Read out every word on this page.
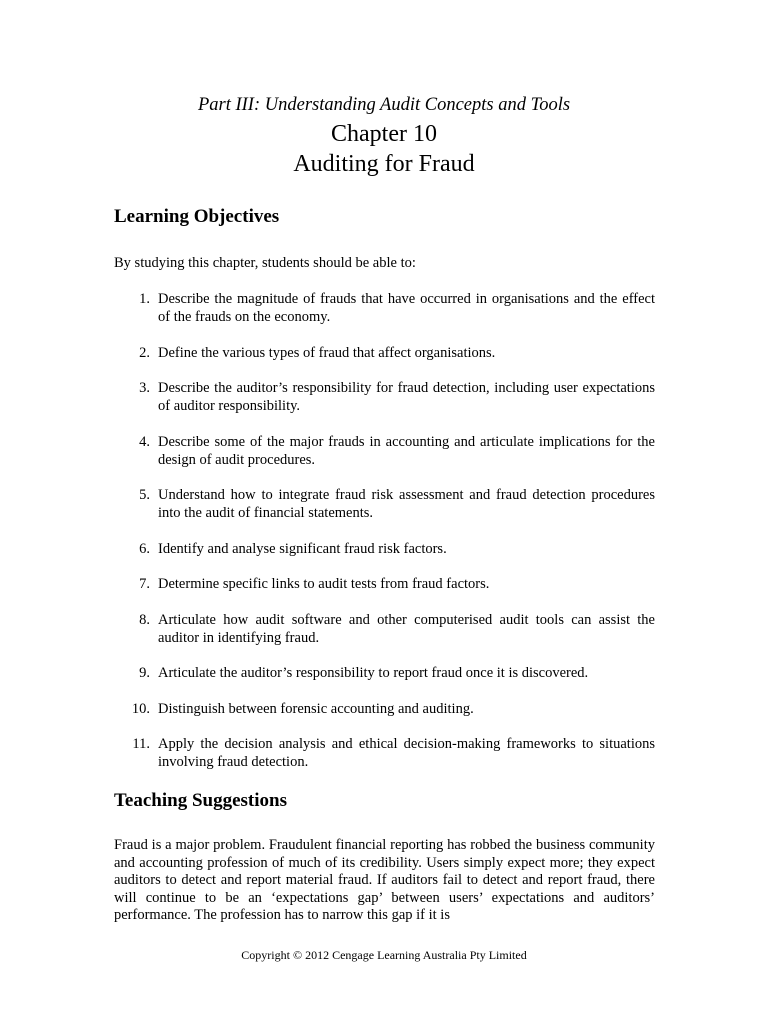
Part III: Understanding Audit Concepts and Tools
Chapter 10
Auditing for Fraud
Learning Objectives
By studying this chapter, students should be able to:
1. Describe the magnitude of frauds that have occurred in organisations and the effect of the frauds on the economy.
2. Define the various types of fraud that affect organisations.
3. Describe the auditor’s responsibility for fraud detection, including user expectations of auditor responsibility.
4. Describe some of the major frauds in accounting and articulate implications for the design of audit procedures.
5. Understand how to integrate fraud risk assessment and fraud detection procedures into the audit of financial statements.
6. Identify and analyse significant fraud risk factors.
7. Determine specific links to audit tests from fraud factors.
8. Articulate how audit software and other computerised audit tools can assist the auditor in identifying fraud.
9. Articulate the auditor’s responsibility to report fraud once it is discovered.
10. Distinguish between forensic accounting and auditing.
11. Apply the decision analysis and ethical decision-making frameworks to situations involving fraud detection.
Teaching Suggestions
Fraud is a major problem. Fraudulent financial reporting has robbed the business community and accounting profession of much of its credibility. Users simply expect more; they expect auditors to detect and report material fraud. If auditors fail to detect and report fraud, there will continue to be an ‘expectations gap’ between users’ expectations and auditors’ performance. The profession has to narrow this gap if it is
Copyright © 2012 Cengage Learning Australia Pty Limited
